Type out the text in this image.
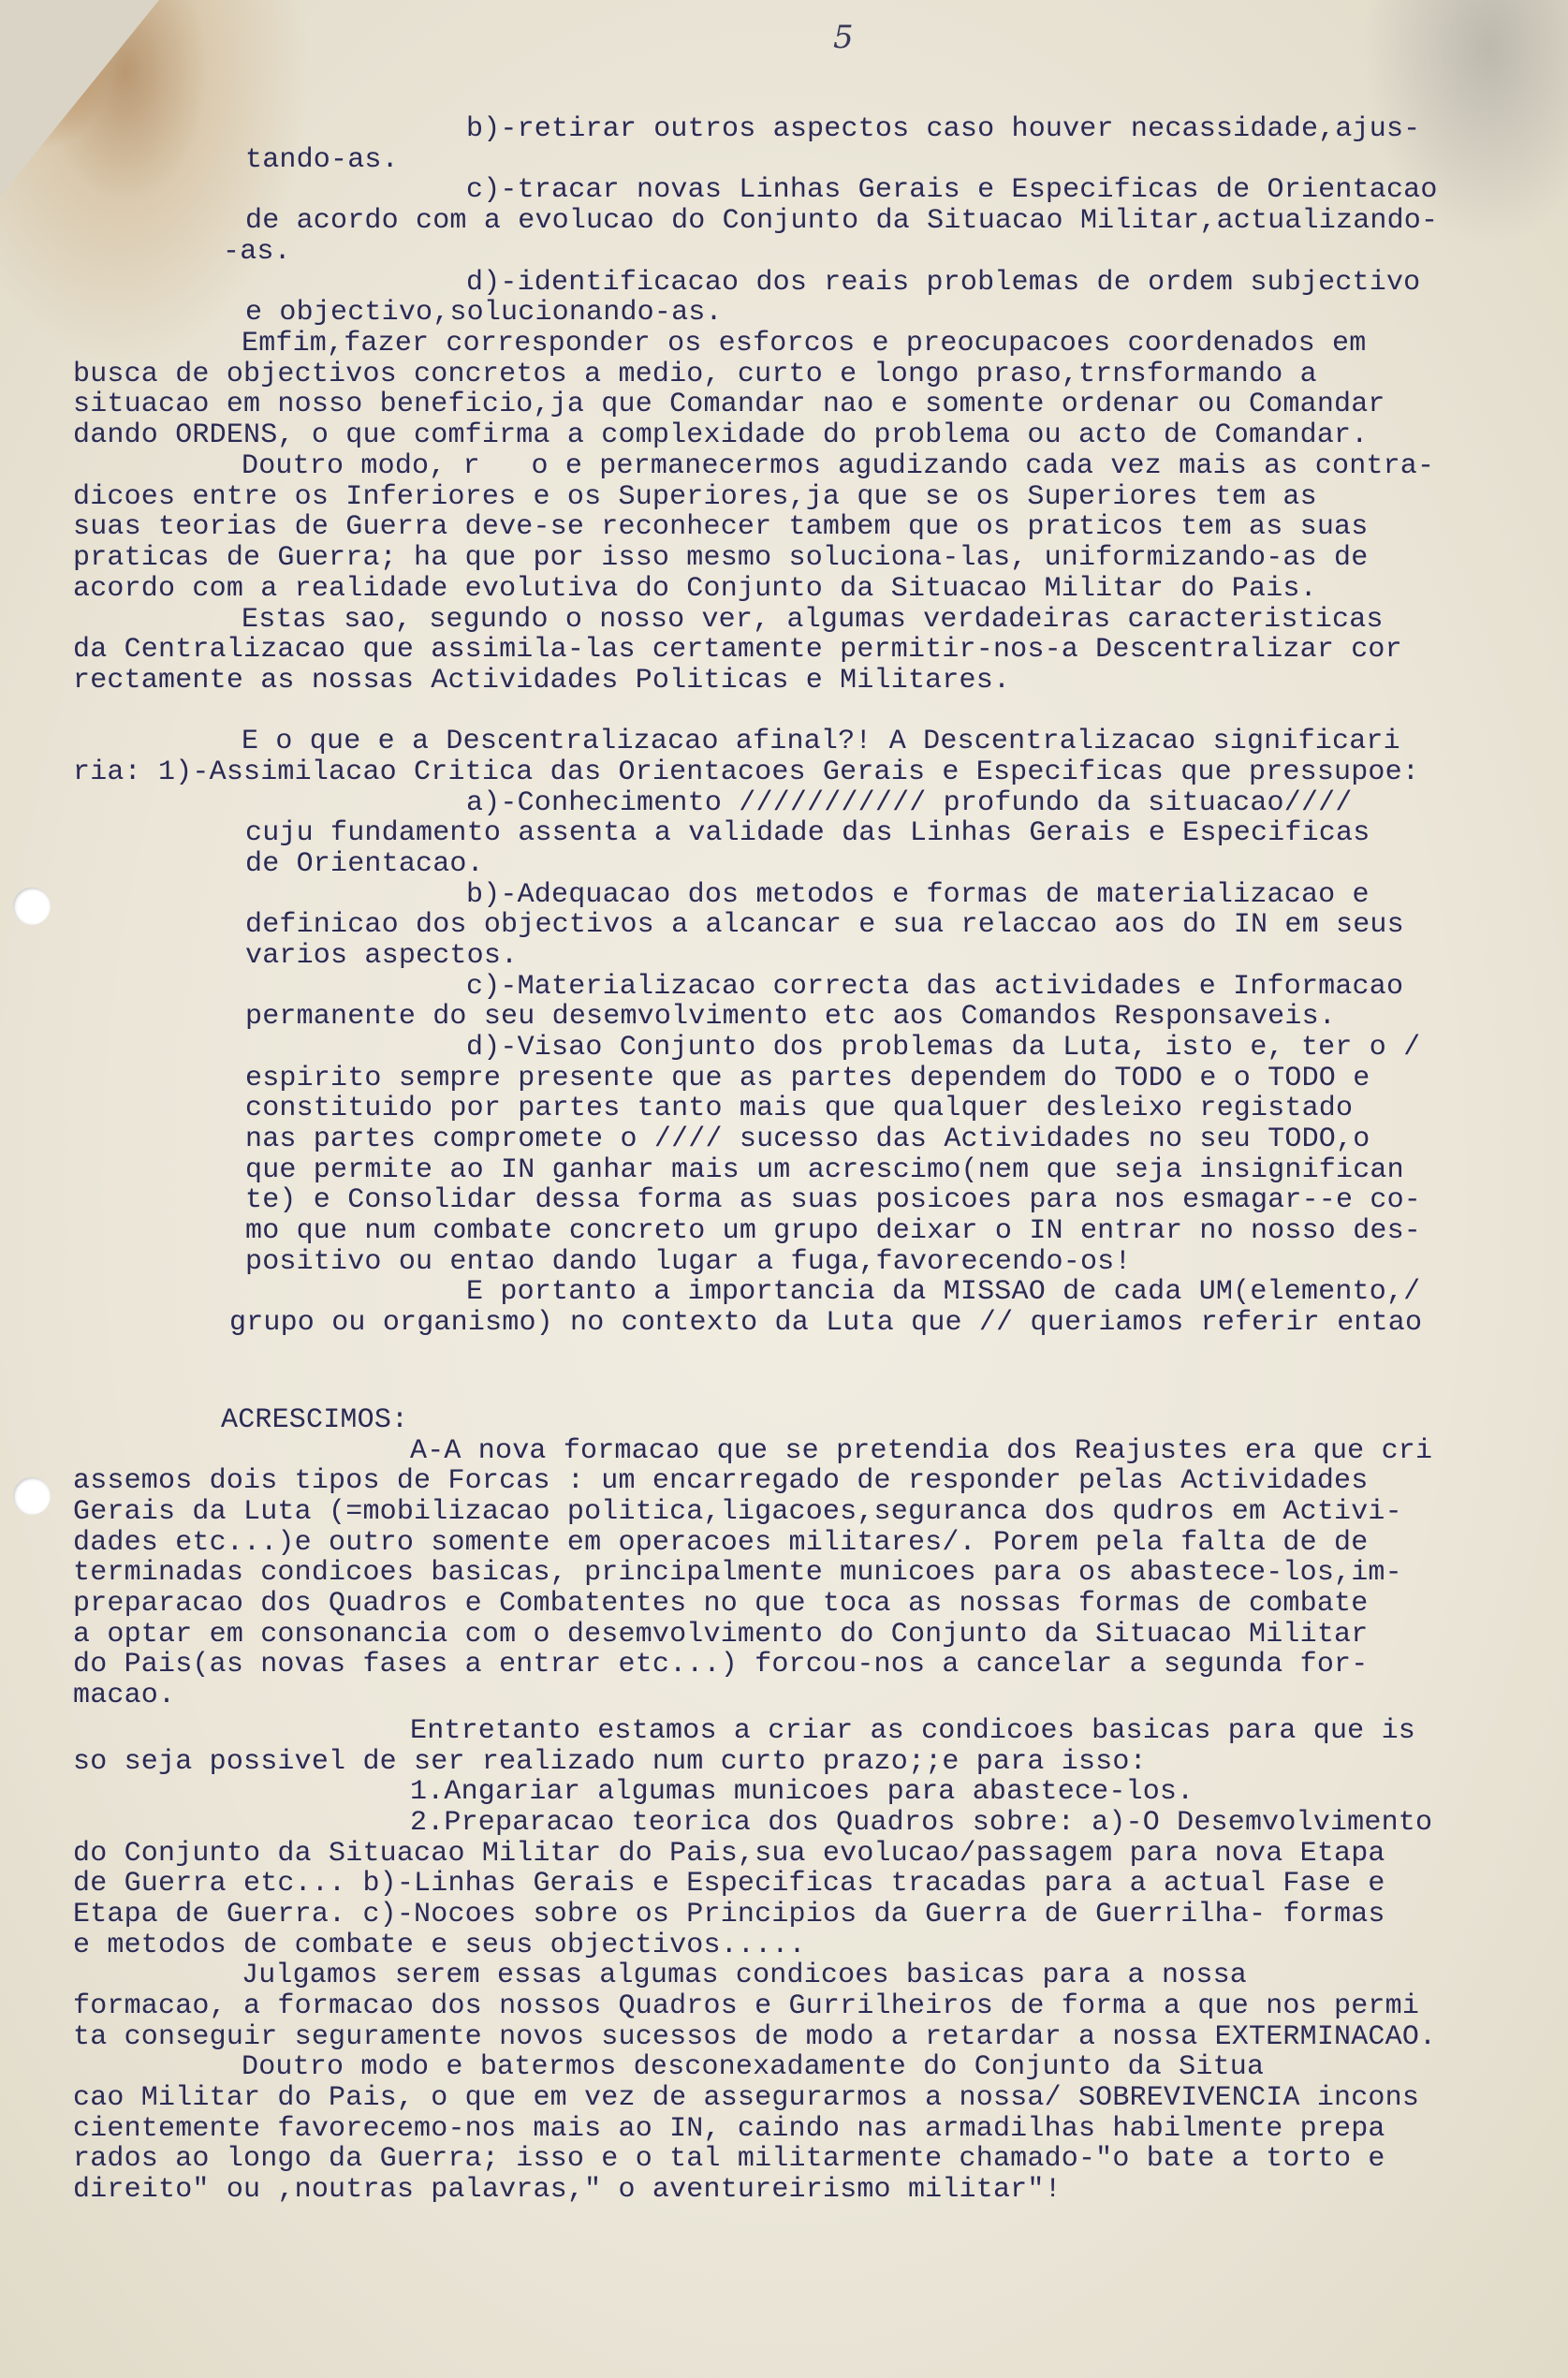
5
b)-retirar outros aspectos caso houver necassidade,ajus-
tando-as.
c)-tracar novas Linhas Gerais e Especificas de Orientacao
de acordo com a evolucao do Conjunto da Situacao Militar,actualizando-
-as.
d)-identificacao dos reais problemas de ordem subjectivo
e objectivo,solucionando-as.
Emfim,fazer corresponder os esforcos e preocupacoes coordenados em
busca de objectivos concretos a medio, curto e longo praso,trnsformando a
situacao em nosso beneficio,ja que Comandar nao e somente ordenar ou Comandar
dando ORDENS, o que comfirma a complexidade do problema ou acto de Comandar.
Doutro modo, r   o e permanecermos agudizando cada vez mais as contra-
dicoes entre os Inferiores e os Superiores,ja que se os Superiores tem as
suas teorias de Guerra deve-se reconhecer tambem que os praticos tem as suas
praticas de Guerra; ha que por isso mesmo soluciona-las, uniformizando-as de
acordo com a realidade evolutiva do Conjunto da Situacao Militar do Pais.
Estas sao, segundo o nosso ver, algumas verdadeiras caracteristicas
da Centralizacao que assimila-las certamente permitir-nos-a Descentralizar cor
rectamente as nossas Actividades Politicas e Militares.
E o que e a Descentralizacao afinal?! A Descentralizacao significari
ria: 1)-Assimilacao Critica das Orientacoes Gerais e Especificas que pressupoe:
a)-Conhecimento /////////// profundo da situacao////
cuju fundamento assenta a validade das Linhas Gerais e Especificas
de Orientacao.
b)-Adequacao dos metodos e formas de materializacao e
definicao dos objectivos a alcancar e sua relaccao aos do IN em seus
varios aspectos.
c)-Materializacao correcta das actividades e Informacao
permanente do seu desemvolvimento etc aos Comandos Responsaveis.
d)-Visao Conjunto dos problemas da Luta, isto e, ter o /
espirito sempre presente que as partes dependem do TODO e o TODO e
constituido por partes tanto mais que qualquer desleixo registado
nas partes compromete o //// sucesso das Actividades no seu TODO,o
que permite ao IN ganhar mais um acrescimo(nem que seja insignifican
te) e Consolidar dessa forma as suas posicoes para nos esmagar--e co-
mo que num combate concreto um grupo deixar o IN entrar no nosso des-
positivo ou entao dando lugar a fuga,favorecendo-os!
E portanto a importancia da MISSAO de cada UM(elemento,/
grupo ou organismo) no contexto da Luta que // queriamos referir entao
ACRESCIMOS:
A-A nova formacao que se pretendia dos Reajustes era que cri
assemos dois tipos de Forcas : um encarregado de responder pelas Actividades
Gerais da Luta (=mobilizacao politica,ligacoes,seguranca dos qudros em Activi-
dades etc...)e outro somente em operacoes militares/. Porem pela falta de de
terminadas condicoes basicas, principalmente municoes para os abastece-los,im-
preparacao dos Quadros e Combatentes no que toca as nossas formas de combate
a optar em consonancia com o desemvolvimento do Conjunto da Situacao Militar
do Pais(as novas fases a entrar etc...) forcou-nos a cancelar a segunda for-
macao.
Entretanto estamos a criar as condicoes basicas para que is
so seja possivel de ser realizado num curto prazo;;e para isso:
1.Angariar algumas municoes para abastece-los.
2.Preparacao teorica dos Quadros sobre: a)-O Desemvolvimento
do Conjunto da Situacao Militar do Pais,sua evolucao/passagem para nova Etapa
de Guerra etc... b)-Linhas Gerais e Especificas tracadas para a actual Fase e
Etapa de Guerra. c)-Nocoes sobre os Principios da Guerra de Guerrilha- formas
e metodos de combate e seus objectivos.....
Julgamos serem essas algumas condicoes basicas para a nossa
formacao, a formacao dos nossos Quadros e Gurrilheiros de forma a que nos permi
ta conseguir seguramente novos sucessos de modo a retardar a nossa EXTERMINACAO.
Doutro modo e batermos desconexadamente do Conjunto da Situa
cao Militar do Pais, o que em vez de assegurarmos a nossa/ SOBREVIVENCIA incons
cientemente favorecemo-nos mais ao IN, caindo nas armadilhas habilmente prepa
rados ao longo da Guerra; isso e o tal militarmente chamado-"o bate a torto e
direito" ou ,noutras palavras," o aventureirismo militar"!
